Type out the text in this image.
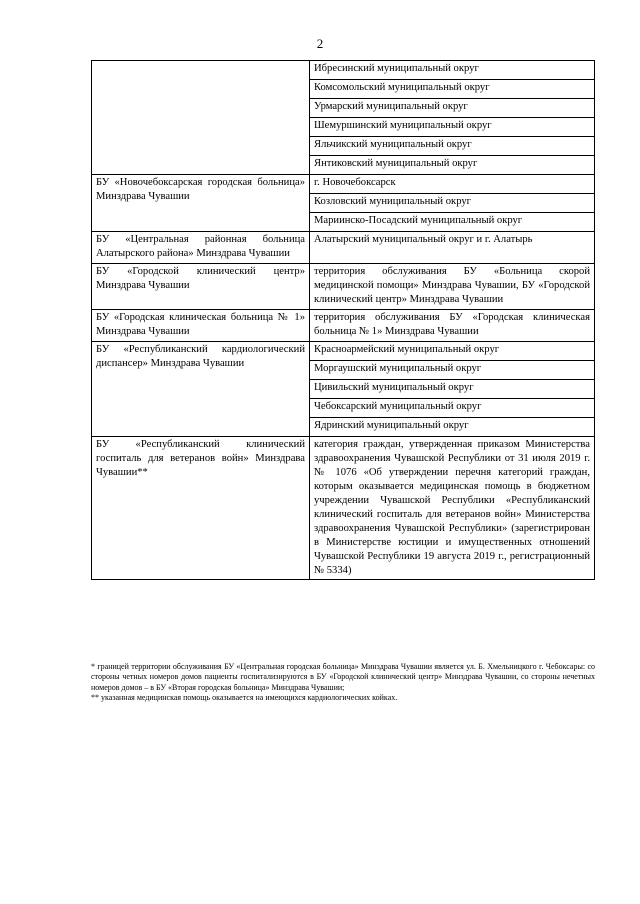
2
	Ибресинский муниципальный округ
	Комсомольский муниципальный округ
	Урмарский муниципальный округ
	Шемуршинский муниципальный округ
	Яльчикский муниципальный округ
	Янтиковский муниципальный округ
БУ «Новочебоксарская городская больница» Минздрава Чувашии	г. Новочебоксарск
	Козловский муниципальный округ
	Мариинско-Посадский муниципальный округ
БУ «Центральная районная больница Алатырского района» Минздрава Чувашии	Алатырский муниципальный округ и г. Алатырь
БУ «Городской клинический центр» Минздрава Чувашии	территория обслуживания БУ «Больница скорой медицинской помощи» Минздрава Чувашии, БУ «Городской клинический центр» Минздрава Чувашии
БУ «Городская клиническая больница № 1» Минздрава Чувашии	территория обслуживания БУ «Городская клиническая больница № 1» Минздрава Чувашии
БУ «Республиканский кардиологический диспансер» Минздрава Чувашии	Красноармейский муниципальный округ
	Моргаушский муниципальный округ
	Цивильский муниципальный округ
	Чебоксарский муниципальный округ
	Ядринский муниципальный округ
БУ «Республиканский клинический госпиталь для ветеранов войн» Минздрава Чувашии**	категория граждан, утвержденная приказом Министерства здравоохранения Чувашской Республики от 31 июля 2019 г. № 1076 «Об утверждении перечня категорий граждан, которым оказывается медицинская помощь в бюджетном учреждении Чувашской Республики «Республиканский клинический госпиталь для ветеранов войн» Министерства здравоохранения Чувашской Республики» (зарегистрирован в Министерстве юстиции и имущественных отношений Чувашской Республики 19 августа 2019 г., регистрационный № 5334)

* границей территории обслуживания БУ «Центральная городская больница» Минздрава Чувашии является ул. Б. Хмельницкого г. Чебоксары: со стороны четных номеров домов пациенты госпитализируются в БУ «Городской клинический центр» Минздрава Чувашии, со стороны нечетных номеров домов – в БУ «Вторая городская больница» Минздрава Чувашии;

** указанная медицинская помощь оказывается на имеющихся кардиологических койках.
